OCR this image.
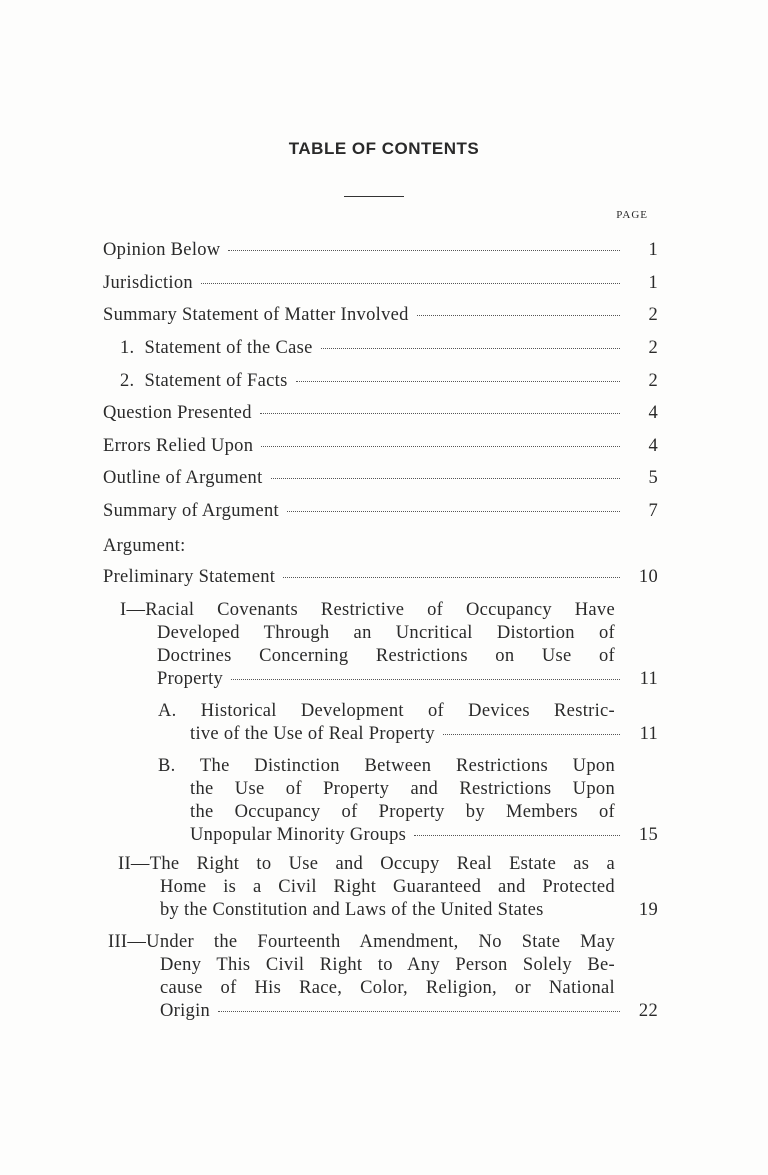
TABLE OF CONTENTS
PAGE
Opinion Below	1
Jurisdiction	1
Summary Statement of Matter Involved	2
1. Statement of the Case	2
2. Statement of Facts	2
Question Presented	4
Errors Relied Upon	4
Outline of Argument	5
Summary of Argument	7
Argument:
Preliminary Statement	10
I—Racial Covenants Restrictive of Occupancy Have
Developed Through an Uncritical Distortion of
Doctrines Concerning Restrictions on Use of
Property	11
A. Historical Development of Devices Restric-
tive of the Use of Real Property	11
B. The Distinction Between Restrictions Upon
the Use of Property and Restrictions Upon
the Occupancy of Property by Members of
Unpopular Minority Groups	15
II—The Right to Use and Occupy Real Estate as a
Home is a Civil Right Guaranteed and Protected
by the Constitution and Laws of the United States	19
III—Under the Fourteenth Amendment, No State May
Deny This Civil Right to Any Person Solely Be-
cause of His Race, Color, Religion, or National
Origin	22
